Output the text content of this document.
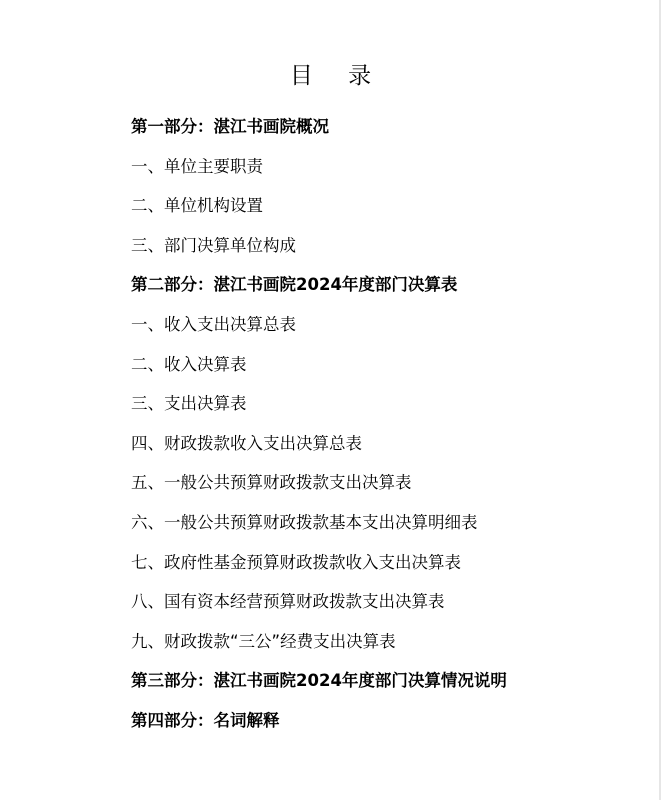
目 录
第一部分：湛江书画院概况
一、单位主要职责
二、单位机构设置
三、部门决算单位构成
第二部分：湛江书画院2024年度部门决算表
一、收入支出决算总表
二、收入决算表
三、支出决算表
四、财政拨款收入支出决算总表
五、一般公共预算财政拨款支出决算表
六、一般公共预算财政拨款基本支出决算明细表
七、政府性基金预算财政拨款收入支出决算表
八、国有资本经营预算财政拨款支出决算表
九、财政拨款“三公”经费支出决算表
第三部分：湛江书画院2024年度部门决算情况说明
第四部分：名词解释
